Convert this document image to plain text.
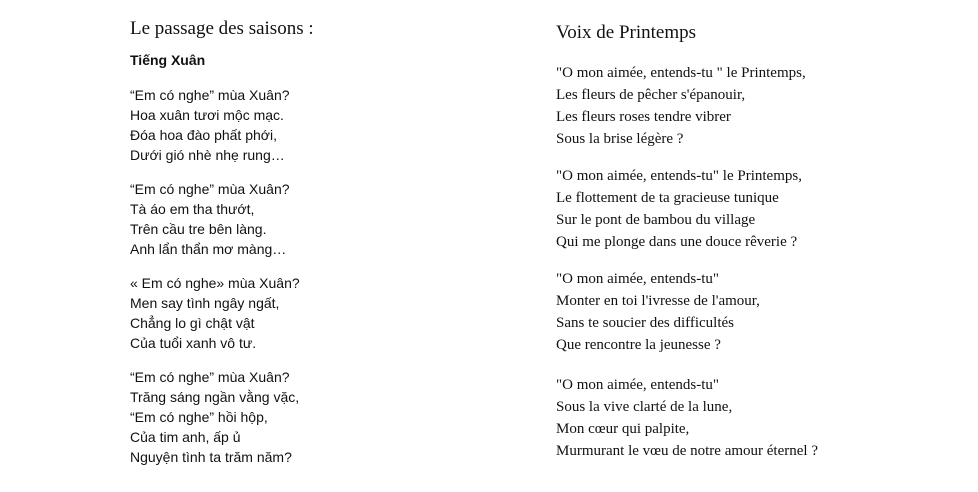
Le passage des saisons :
Tiếng Xuân
“Em có nghe” mùa Xuân?
Hoa xuân tươi mộc mạc.
Đóa hoa đào phất phới,
Dưới gió nhè nhẹ rung…
“Em có nghe” mùa Xuân?
Tà áo em tha thướt,
Trên cầu tre bên làng.
Anh lẩn thẩn mơ màng…
« Em có nghe» mùa Xuân?
Men say tình ngây ngất,
Chẳng lo gì chật vật
Của tuổi xanh vô tư.
“Em có nghe” mùa Xuân?
Trăng sáng ngần vằng vặc,
“Em có nghe” hồi hộp,
Của tim anh, ấp ủ
Nguyện tình ta trăm năm?
Voix de Printemps
"O mon aimée, entends-tu " le Printemps,
Les fleurs de pêcher s'épanouir,
Les fleurs roses tendre vibrer
Sous la brise légère ?
"O mon aimée, entends-tu" le Printemps,
Le flottement de ta gracieuse tunique
Sur le pont de bambou du village
Qui me plonge dans une douce rêverie ?
"O mon aimée, entends-tu"
Monter en toi l'ivresse de l'amour,
Sans te soucier des difficultés
Que rencontre la jeunesse ?
"O mon aimée, entends-tu"
Sous la vive clarté de la lune,
Mon cœur qui palpite,
Murmurant le vœu de notre amour éternel ?
